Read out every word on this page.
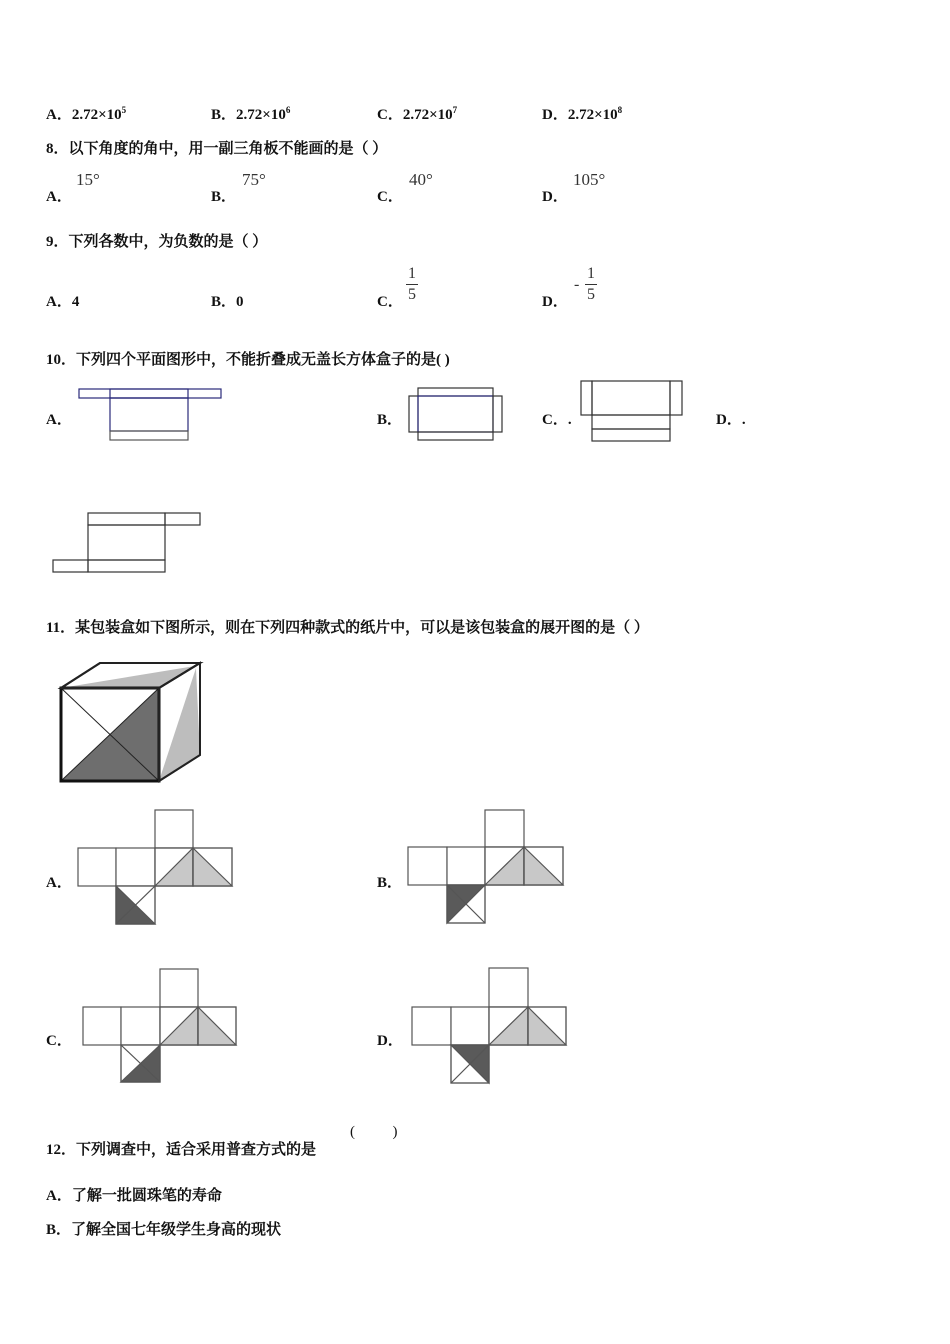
A．$2.72\times 10^5$	B．$2.72\times 10^6$	C．$2.72\times 10^7$	D．$2.72\times 10^8$
8．以下角度的角中，用一副三角板不能画的是（ ）
A．
15°
B．
75°
C．
40°
D．
105°
9．下列各数中，为负数的是（ ）
A．4	B．0	C． $\frac{1}{5}$	D．
- $\frac{1}{5}$
10．下列四个平面图形中，不能折叠成无盖长方体盒子的是( )
A．	B．	C．.	D．.
11．某包装盒如下图所示，则在下列四种款式的纸片中，可以是该包装盒的展开图的是（ ）
A．	B．
C．	D．
12．下列调查中，适合采用普查方式的是
(          )
A．了解一批圆珠笔的寿命
B．了解全国七年级学生身高的现状
